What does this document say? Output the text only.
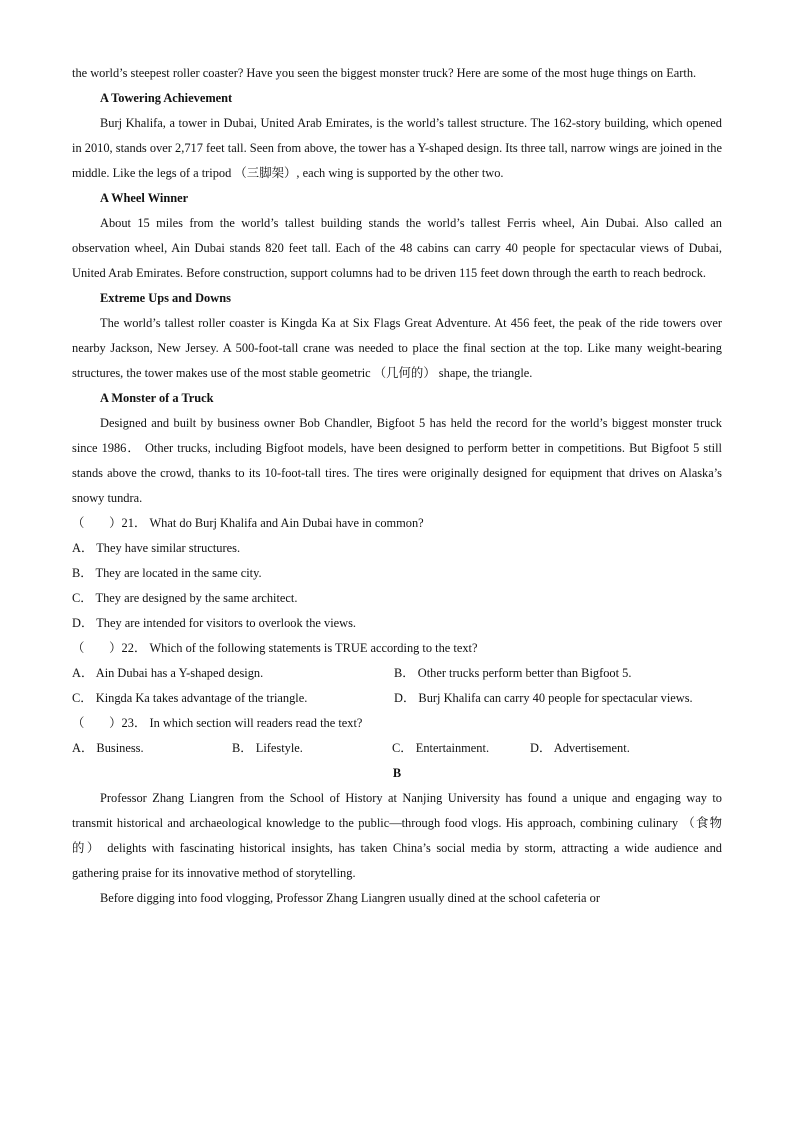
the world’s steepest roller coaster? Have you seen the biggest monster truck? Here are some of the most huge things on Earth.

A Towering Achievement

Burj Khalifa, a tower in Dubai, United Arab Emirates, is the world’s tallest structure. The 162-story building, which opened in 2010, stands over 2,717 feet tall. Seen from above, the tower has a Y-shaped design. Its three tall, narrow wings are joined in the middle. Like the legs of a tripod （三脚架）, each wing is supported by the other two.

A Wheel Winner

About 15 miles from the world’s tallest building stands the world’s tallest Ferris wheel, Ain Dubai. Also called an observation wheel, Ain Dubai stands 820 feet tall. Each of the 48 cabins can carry 40 people for spectacular views of Dubai, United Arab Emirates. Before construction, support columns had to be driven 115 feet down through the earth to reach bedrock.

Extreme Ups and Downs

The world’s tallest roller coaster is Kingda Ka at Six Flags Great Adventure. At 456 feet, the peak of the ride towers over nearby Jackson, New Jersey. A 500-foot-tall crane was needed to place the final section at the top. Like many weight-bearing structures, the tower makes use of the most stable geometric （几何的） shape, the triangle.

A Monster of a Truck

Designed and built by business owner Bob Chandler, Bigfoot 5 has held the record for the world’s biggest monster truck since 1986． Other trucks, including Bigfoot models, have been designed to perform better in competitions. But Bigfoot 5 still stands above the crowd, thanks to its 10-foot-tall tires. The tires were originally designed for equipment that drives on Alaska’s snowy tundra.

（　　）21． What do Burj Khalifa and Ain Dubai have in common?

A． They have similar structures.

B． They are located in the same city.

C． They are designed by the same architect.

D． They are intended for visitors to overlook the views.

（　　）22． Which of the following statements is TRUE according to the text?

A． Ain Dubai has a Y-shaped design.	B． Other trucks perform better than Bigfoot 5.
C． Kingda Ka takes advantage of the triangle.	D． Burj Khalifa can carry 40 people for spectacular views.

（　　）23． In which section will readers read the text?

A． Business.	B． Lifestyle.	C． Entertainment.	D． Advertisement.

B

Professor Zhang Liangren from the School of History at Nanjing University has found a unique and engaging way to transmit historical and archaeological knowledge to the public—through food vlogs. His approach, combining culinary （食物的） delights with fascinating historical insights, has taken China’s social media by storm, attracting a wide audience and gathering praise for its innovative method of storytelling.

Before digging into food vlogging, Professor Zhang Liangren usually dined at the school cafeteria or
